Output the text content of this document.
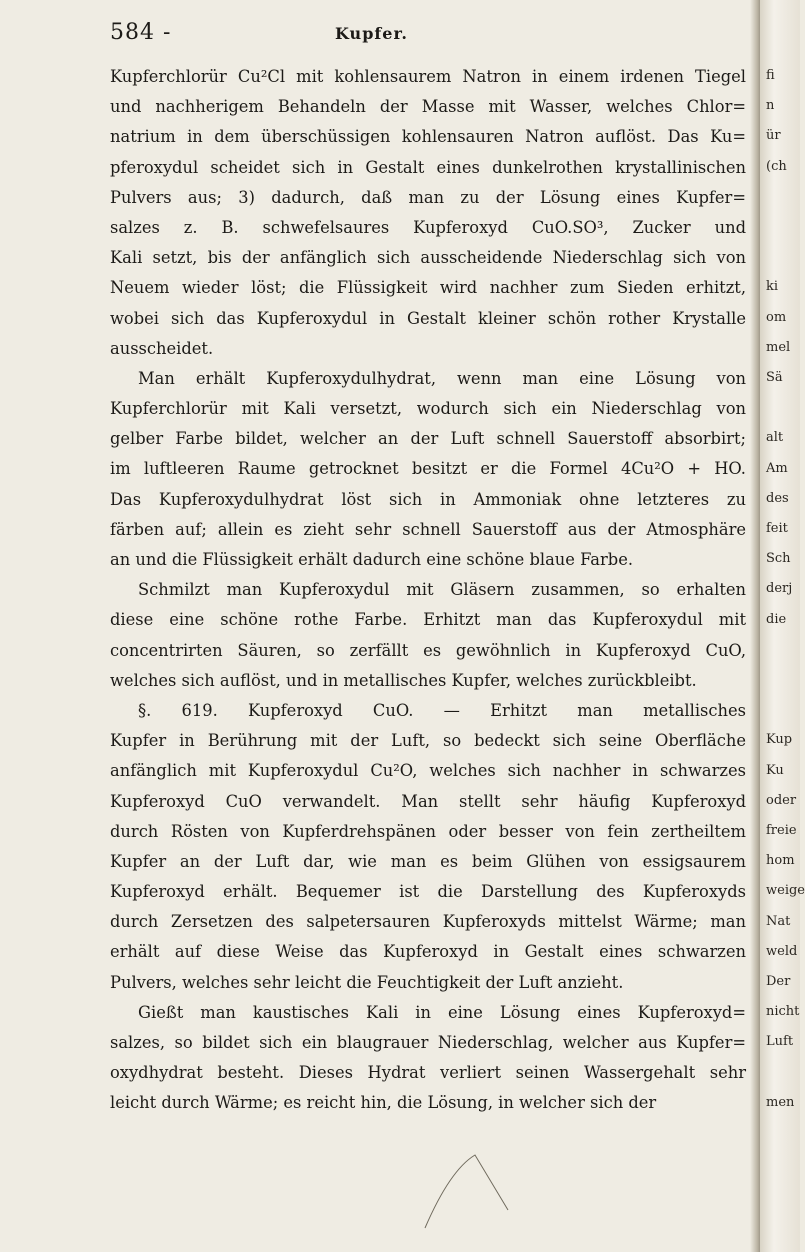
584 -	Kupfer.
Kupferchlorür Cu²Cl mit kohlensaurem Natron in einem irdenen Tiegel
und nachherigem Behandeln der Masse mit Wasser, welches Chlor=
natrium in dem überschüssigen kohlensauren Natron auflöst. Das Ku=
pferoxydul scheidet sich in Gestalt eines dunkelrothen krystallinischen
Pulvers aus; 3) dadurch, daß man zu der Lösung eines Kupfer=
salzes z. B. schwefelsaures Kupferoxyd CuO.SO³, Zucker und
Kali setzt, bis der anfänglich sich ausscheidende Niederschlag sich von
Neuem wieder löst; die Flüssigkeit wird nachher zum Sieden erhitzt,
wobei sich das Kupferoxydul in Gestalt kleiner schön rother Krystalle
ausscheidet.
Man erhält Kupferoxydulhydrat, wenn man eine Lösung von
Kupferchlorür mit Kali versetzt, wodurch sich ein Niederschlag von
gelber Farbe bildet, welcher an der Luft schnell Sauerstoff absorbirt;
im luftleeren Raume getrocknet besitzt er die Formel 4Cu²O + HO.
Das Kupferoxydulhydrat löst sich in Ammoniak ohne letzteres zu
färben auf; allein es zieht sehr schnell Sauerstoff aus der Atmosphäre
an und die Flüssigkeit erhält dadurch eine schöne blaue Farbe.
Schmilzt man Kupferoxydul mit Gläsern zusammen, so erhalten
diese eine schöne rothe Farbe. Erhitzt man das Kupferoxydul mit
concentrirten Säuren, so zerfällt es gewöhnlich in Kupferoxyd CuO,
welches sich auflöst, und in metallisches Kupfer, welches zurückbleibt.
§. 619. Kupferoxyd CuO. — Erhitzt man metallisches
Kupfer in Berührung mit der Luft, so bedeckt sich seine Oberfläche
anfänglich mit Kupferoxydul Cu²O, welches sich nachher in schwarzes
Kupferoxyd CuO verwandelt. Man stellt sehr häufig Kupferoxyd
durch Rösten von Kupferdrehspänen oder besser von fein zertheiltem
Kupfer an der Luft dar, wie man es beim Glühen von essigsaurem
Kupferoxyd erhält. Bequemer ist die Darstellung des Kupferoxyds
durch Zersetzen des salpetersauren Kupferoxyds mittelst Wärme; man
erhält auf diese Weise das Kupferoxyd in Gestalt eines schwarzen
Pulvers, welches sehr leicht die Feuchtigkeit der Luft anzieht.
Gießt man kaustisches Kali in eine Lösung eines Kupferoxyd=
salzes, so bildet sich ein blaugrauer Niederschlag, welcher aus Kupfer=
oxydhydrat besteht. Dieses Hydrat verliert seinen Wassergehalt sehr
leicht durch Wärme; es reicht hin, die Lösung, in welcher sich der
fi
n
ür
(ch
ki
om
mel
Sä
alt
Am
des
feit
Sch
derj
die
Kup
Ku
oder
freie
hom
weige
Nat
weld
Der
nicht
Luft
men
